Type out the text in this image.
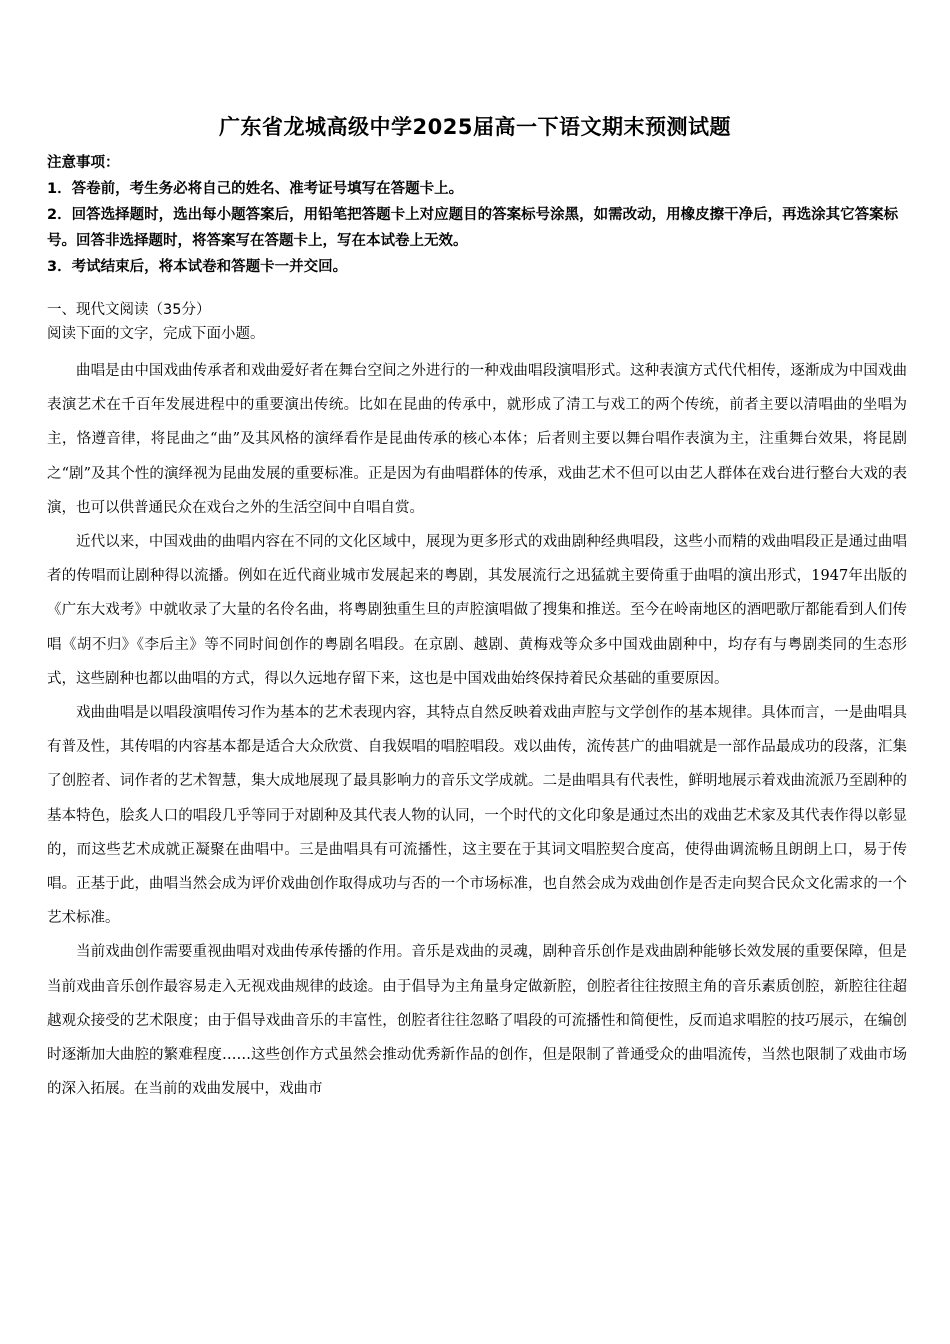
广东省龙城高级中学2025届高一下语文期末预测试题
注意事项：
1．答卷前，考生务必将自己的姓名、准考证号填写在答题卡上。
2．回答选择题时，选出每小题答案后，用铅笔把答题卡上对应题目的答案标号涂黑，如需改动，用橡皮擦干净后，再选涂其它答案标号。回答非选择题时，将答案写在答题卡上，写在本试卷上无效。
3．考试结束后，将本试卷和答题卡一并交回。
一、现代文阅读（35分）
阅读下面的文字，完成下面小题。

曲唱是由中国戏曲传承者和戏曲爱好者在舞台空间之外进行的一种戏曲唱段演唱形式。这种表演方式代代相传，逐渐成为中国戏曲表演艺术在千百年发展进程中的重要演出传统。比如在昆曲的传承中，就形成了清工与戏工的两个传统，前者主要以清唱曲的坐唱为主，恪遵音律，将昆曲之“曲”及其风格的演绎看作是昆曲传承的核心本体；后者则主要以舞台唱作表演为主，注重舞台效果，将昆剧之“剧”及其个性的演绎视为昆曲发展的重要标准。正是因为有曲唱群体的传承，戏曲艺术不但可以由艺人群体在戏台进行整台大戏的表演，也可以供普通民众在戏台之外的生活空间中自唱自赏。

近代以来，中国戏曲的曲唱内容在不同的文化区域中，展现为更多形式的戏曲剧种经典唱段，这些小而精的戏曲唱段正是通过曲唱者的传唱而让剧种得以流播。例如在近代商业城市发展起来的粤剧，其发展流行之迅猛就主要倚重于曲唱的演出形式，1947年出版的《广东大戏考》中就收录了大量的名伶名曲，将粤剧独重生旦的声腔演唱做了搜集和推送。至今在岭南地区的酒吧歌厅都能看到人们传唱《胡不归》《李后主》等不同时间创作的粤剧名唱段。在京剧、越剧、黄梅戏等众多中国戏曲剧种中，均存有与粤剧类同的生态形式，这些剧种也都以曲唱的方式，得以久远地存留下来，这也是中国戏曲始终保持着民众基础的重要原因。

戏曲曲唱是以唱段演唱传习作为基本的艺术表现内容，其特点自然反映着戏曲声腔与文学创作的基本规律。具体而言，一是曲唱具有普及性，其传唱的内容基本都是适合大众欣赏、自我娱唱的唱腔唱段。戏以曲传，流传甚广的曲唱就是一部作品最成功的段落，汇集了创腔者、词作者的艺术智慧，集大成地展现了最具影响力的音乐文学成就。二是曲唱具有代表性，鲜明地展示着戏曲流派乃至剧种的基本特色，脍炙人口的唱段几乎等同于对剧种及其代表人物的认同，一个时代的文化印象是通过杰出的戏曲艺术家及其代表作得以彰显的，而这些艺术成就正凝聚在曲唱中。三是曲唱具有可流播性，这主要在于其词文唱腔契合度高，使得曲调流畅且朗朗上口，易于传唱。正基于此，曲唱当然会成为评价戏曲创作取得成功与否的一个市场标准，也自然会成为戏曲创作是否走向契合民众文化需求的一个艺术标准。

当前戏曲创作需要重视曲唱对戏曲传承传播的作用。音乐是戏曲的灵魂，剧种音乐创作是戏曲剧种能够长效发展的重要保障，但是当前戏曲音乐创作最容易走入无视戏曲规律的歧途。由于倡导为主角量身定做新腔，创腔者往往按照主角的音乐素质创腔，新腔往往超越观众接受的艺术限度；由于倡导戏曲音乐的丰富性，创腔者往往忽略了唱段的可流播性和简便性，反而追求唱腔的技巧展示，在编创时逐渐加大曲腔的繁难程度……这些创作方式虽然会推动优秀新作品的创作，但是限制了普通受众的曲唱流传，当然也限制了戏曲市场的深入拓展。在当前的戏曲发展中，戏曲市
